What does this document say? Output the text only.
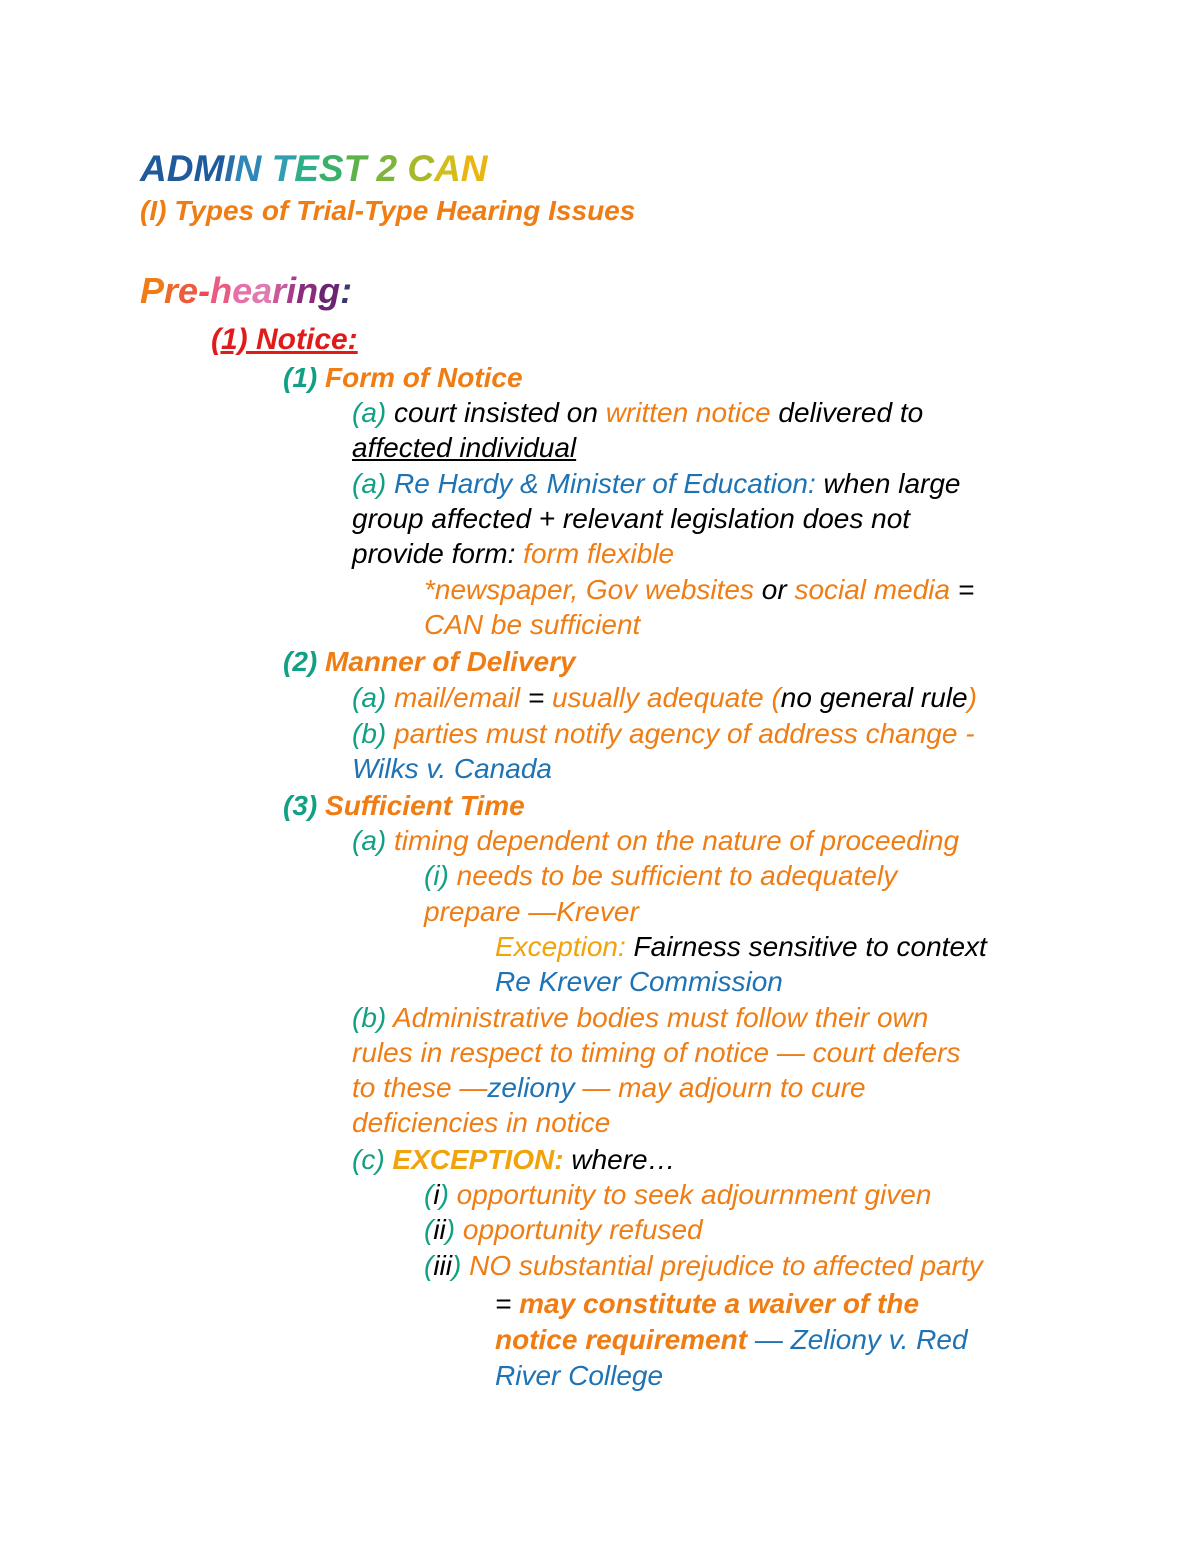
ADMIN TEST 2 CAN
(I) Types of Trial-Type Hearing Issues
Pre-hearing:
(1) Notice:
(1) Form of Notice
(a) court insisted on written notice delivered to
affected individual
(a) Re Hardy & Minister of Education: when large
group affected + relevant legislation does not
provide form: form flexible
*newspaper, Gov websites or social media =
CAN be sufficient
(2) Manner of Delivery
(a) mail/email = usually adequate (no general rule)
(b) parties must notify agency of address change -
Wilks v. Canada
(3) Sufficient Time
(a) timing dependent on the nature of proceeding
(i) needs to be sufficient to adequately
prepare —Krever
Exception: Fairness sensitive to context
Re Krever Commission
(b) Administrative bodies must follow their own
rules in respect to timing of notice — court defers
to these —zeliony — may adjourn to cure
deficiencies in notice
(c) EXCEPTION: where…
(i) opportunity to seek adjournment given
(ii) opportunity refused
(iii) NO substantial prejudice to affected party
= may constitute a waiver of the
notice requirement — Zeliony v. Red
River College
